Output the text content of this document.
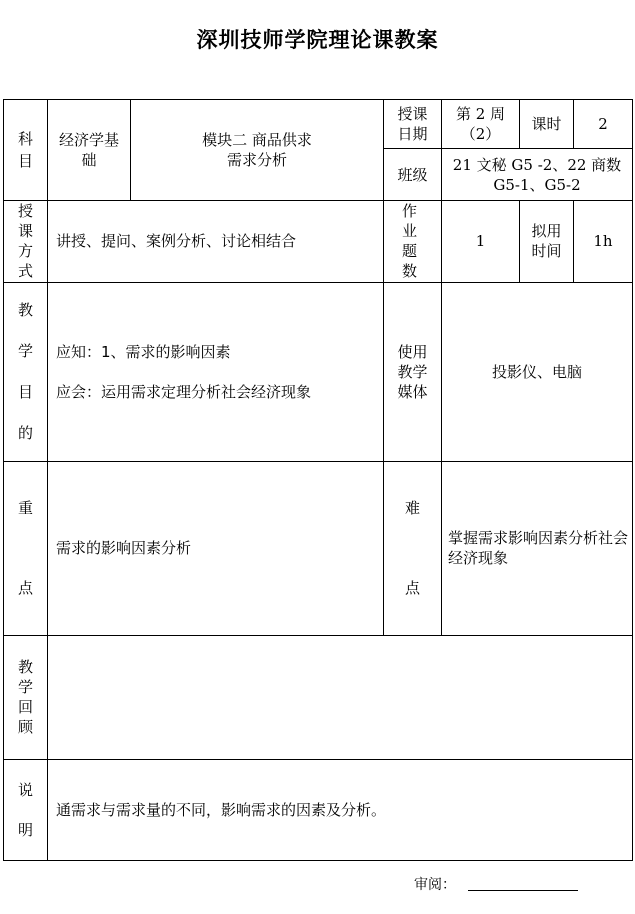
深圳技师学院理论课教案
科目
经济学基础
模块二 商品供求
需求分析
授课日期
第 2 周
（2）
课时	2
班级
21 文秘 G5 -2、22 商数
G5-1、G5-2
授课方式
讲授、提问、案例分析、讨论相结合
作业题数
1
拟用时间
1h
教学目的
应知：1、需求的影响因素
应会：运用需求定理分析社会经济现象
使用教学媒体
投影仪、电脑
重点
需求的影响因素分析
难点
掌握需求影响因素分析社会经济现象
教学回顾
说明
通需求与需求量的不同，影响需求的因素及分析。
审阅：
